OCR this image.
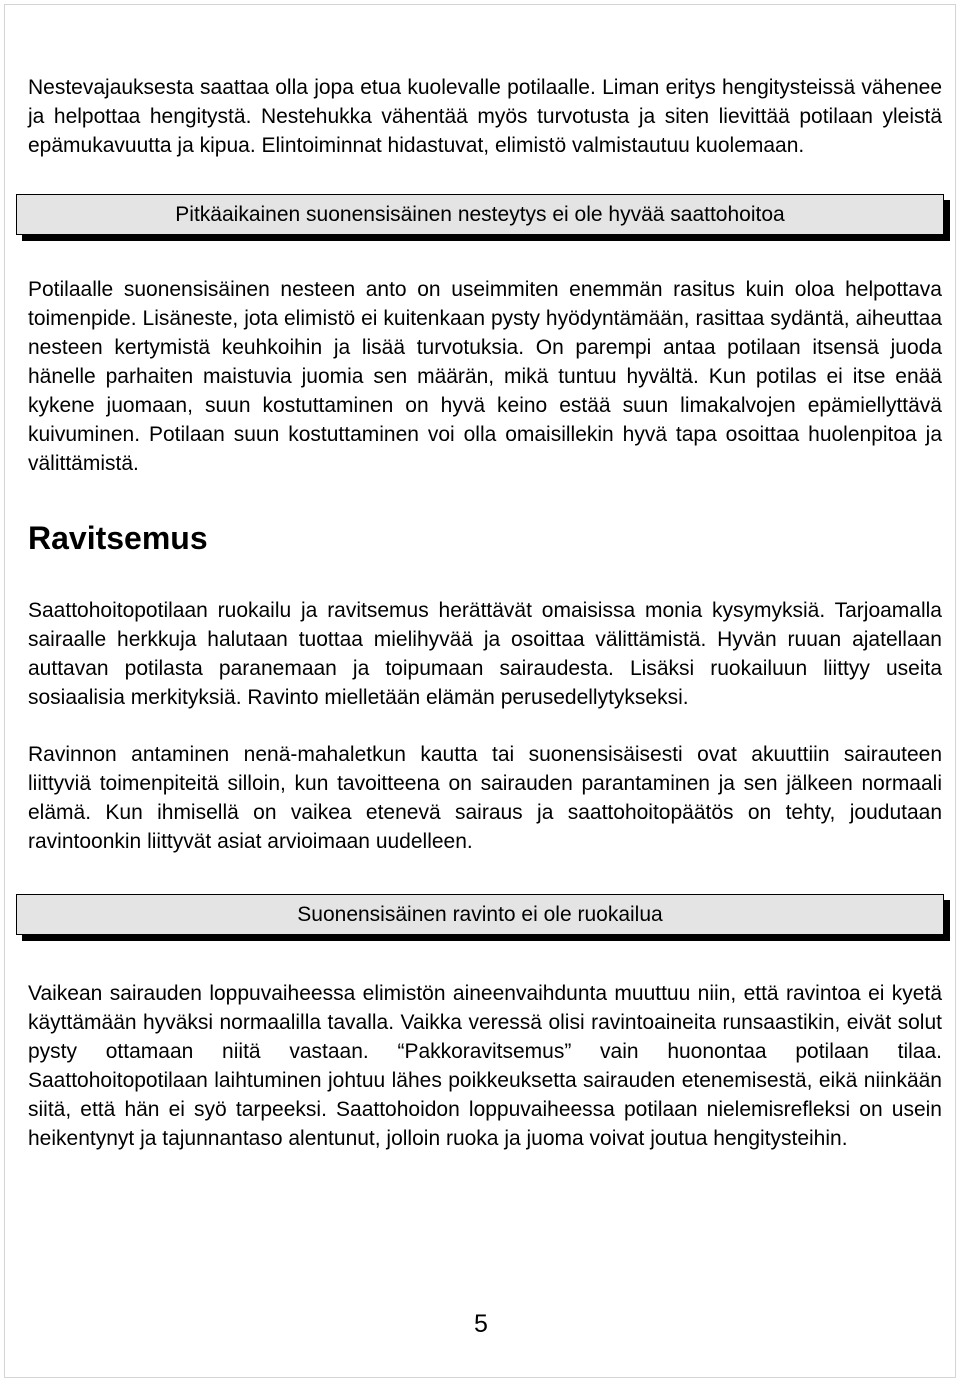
Nestevajauksesta saattaa olla jopa etua kuolevalle potilaalle. Liman eritys hengitysteissä vähenee ja helpottaa hengitystä. Nestehukka vähentää myös turvotusta ja siten lievittää potilaan yleistä epämukavuutta ja kipua. Elintoiminnat hidastuvat, elimistö valmistautuu kuolemaan.

Pitkäaikainen suonensisäinen nesteytys ei ole hyvää saattohoitoa

Potilaalle suonensisäinen nesteen anto on useimmiten enemmän rasitus kuin oloa helpottava toimenpide. Lisäneste, jota elimistö ei kuitenkaan pysty hyödyntämään, rasittaa sydäntä, aiheuttaa nesteen kertymistä keuhkoihin ja lisää turvotuksia. On parempi antaa potilaan itsensä juoda hänelle parhaiten maistuvia juomia sen määrän, mikä tuntuu hyvältä. Kun potilas ei itse enää kykene juomaan, suun kostuttaminen on hyvä keino estää suun limakalvojen epämiellyttävä kuivuminen. Potilaan suun kostuttaminen voi olla omaisillekin hyvä tapa osoittaa huolenpitoa ja välittämistä.

Ravitsemus

Saattohoitopotilaan ruokailu ja ravitsemus herättävät omaisissa monia kysymyksiä. Tarjoamalla sairaalle herkkuja halutaan tuottaa mielihyvää ja osoittaa välittämistä. Hyvän ruuan ajatellaan auttavan potilasta paranemaan ja toipumaan sairaudesta. Lisäksi ruokailuun liittyy useita sosiaalisia merkityksiä. Ravinto mielletään elämän perusedellytykseksi.

Ravinnon antaminen nenä-mahaletkun kautta tai suonensisäisesti ovat akuuttiin sairauteen liittyviä toimenpiteitä silloin, kun tavoitteena on sairauden parantaminen ja sen jälkeen normaali elämä. Kun ihmisellä on vaikea etenevä sairaus ja saattohoitopäätös on tehty, joudutaan ravintoonkin liittyvät asiat arvioimaan uudelleen.

Suonensisäinen ravinto ei ole ruokailua

Vaikean sairauden loppuvaiheessa elimistön aineenvaihdunta muuttuu niin, että ravintoa ei kyetä käyttämään hyväksi normaalilla tavalla. Vaikka veressä olisi ravintoaineita runsaastikin, eivät solut pysty ottamaan niitä vastaan. “Pakkoravitsemus” vain huonontaa potilaan tilaa. Saattohoitopotilaan laihtuminen johtuu lähes poikkeuksetta sairauden etenemisestä, eikä niinkään siitä, että hän ei syö tarpeeksi. Saattohoidon loppuvaiheessa potilaan nielemisrefleksi on usein heikentynyt ja tajunnantaso alentunut, jolloin ruoka ja juoma voivat joutua hengitysteihin.

5
